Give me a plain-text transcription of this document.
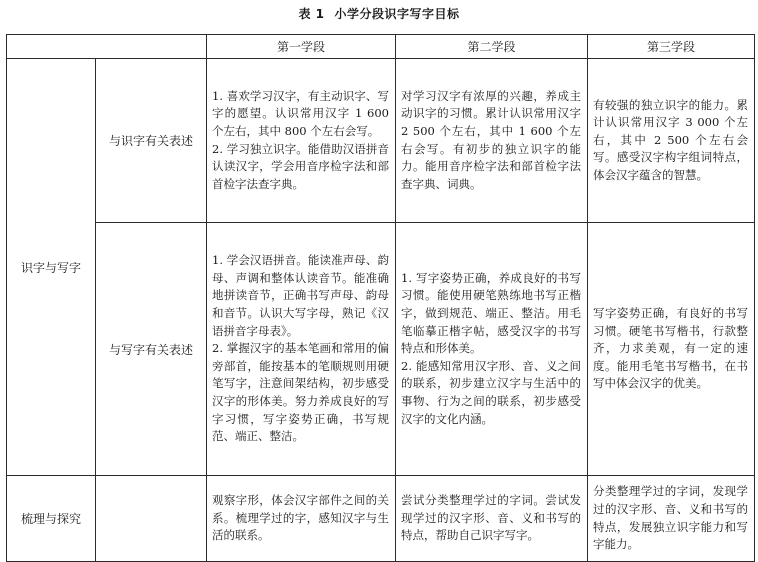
表 1 小学分段识字写字目标
		第一学段	第二学段	第三学段
识字与写字	与识字有关表述	1. 喜欢学习汉字，有主动识字、写字的愿望。认识常用汉字 1 600 个左右，其中 800 个左右会写。
2. 学习独立识字。能借助汉语拼音认读汉字，学会用音序检字法和部首检字法查字典。	对学习汉字有浓厚的兴趣，养成主动识字的习惯。累计认识常用汉字 2 500 个左右，其中 1 600 个左右会写。有初步的独立识字的能力。能用音序检字法和部首检字法查字典、词典。	有较强的独立识字的能力。累计认识常用汉字 3 000 个左右，其中 2 500 个左右会写。感受汉字构字组词特点，体会汉字蕴含的智慧。

	与写字有关表述	1. 学会汉语拼音。能读准声母、韵母、声调和整体认读音节。能准确地拼读音节，正确书写声母、韵母和音节。认识大写字母，熟记《汉语拼音字母表》。
2. 掌握汉字的基本笔画和常用的偏旁部首，能按基本的笔顺规则用硬笔写字，注意间架结构，初步感受汉字的形体美。努力养成良好的写字习惯，写字姿势正确，书写规范、端正、整洁。	1. 写字姿势正确，养成良好的书写习惯。能使用硬笔熟练地书写正楷字，做到规范、端正、整洁。用毛笔临摹正楷字帖，感受汉字的书写特点和形体美。
2. 能感知常用汉字形、音、义之间的联系，初步建立汉字与生活中的事物、行为之间的联系，初步感受汉字的文化内涵。	写字姿势正确，有良好的书写习惯。硬笔书写楷书，行款整齐，力求美观，有一定的速度。能用毛笔书写楷书，在书写中体会汉字的优美。

梳理与探究		观察字形，体会汉字部件之间的关系。梳理学过的字，感知汉字与生活的联系。	尝试分类整理学过的字词。尝试发现学过的汉字形、音、义和书写的特点，帮助自己识字写字。	分类整理学过的字词，发现学过的汉字形、音、义和书写的特点，发展独立识字能力和写字能力。
